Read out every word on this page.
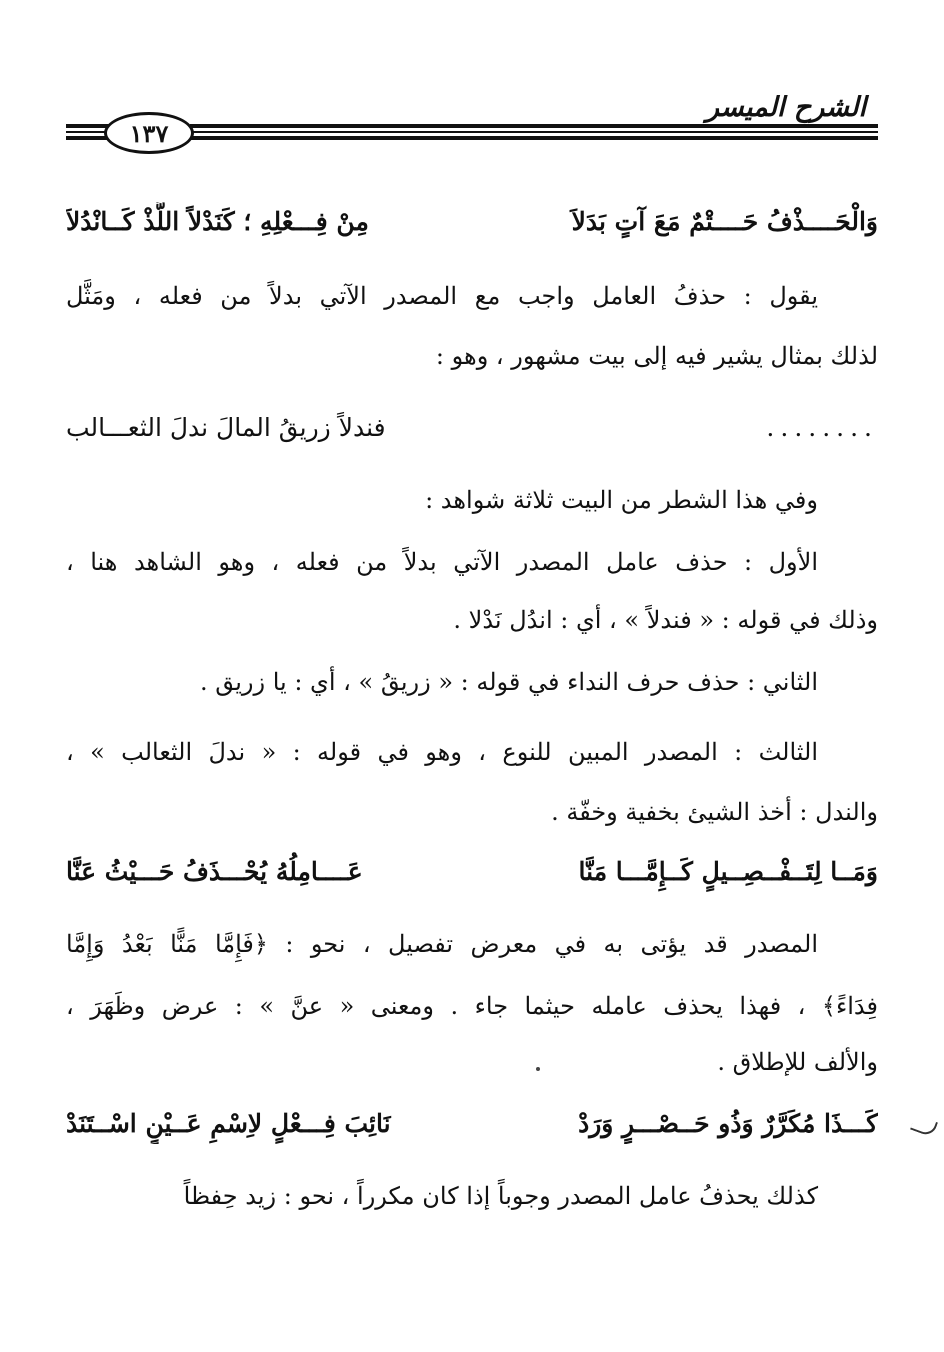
الشرح الميسر
١٣٧
وَالْحَــــذْفُ حَــــتْمٌ مَعَ آتٍ بَدَلاَ
مِنْ فِـــعْلِهِ ؛ كَنَدْلاً اللَّذْ كَــانْدُلاَ
يقول : حذفُ العامل واجب مع المصدر الآتي بدلاً من فعله ، ومَثَّل
لذلك بمثال يشير فيه إلى بيت مشهور ، وهو :
........
فندلاً زريقُ المالَ ندلَ الثعـــالب
وفي هذا الشطر من البيت ثلاثة شواهد :
الأول : حذف عامل المصدر الآتي بدلاً من فعله ، وهو الشاهد هنا ،
وذلك في قوله : « فندلاً » ، أي : اندُل نَدْلا .
الثاني : حذف حرف النداء في قوله : « زريقُ » ، أي : يا زريق .
الثالث : المصدر المبين للنوع ، وهو في قوله : « ندلَ الثعالب » ،
والندل : أخذ الشيئ بخفية وخفّة .
وَمَــا لِتَــفْــصِــيلٍ كَــإِمَّـــا مَنَّا
عَــــامِلُهُ يُحْـــذَفُ حَـــيْثُ عَنَّا
المصدر قد يؤتى به في معرض تفصيل ، نحو : ﴿فَإِمَّا مَنًّا بَعْدُ وَإِمَّا
فِدَاءً﴾ ، فهذا يحذف عامله حيثما جاء . ومعنى « عنَّ » : عرض وظَهَرَ ،
والألف للإطلاق .
كَـــذَا مُكَرَّرٌ وَذُو حَــصْـــرٍ وَرَدْ
نَائِبَ فِـــعْلٍ لاِسْمِ عَــيْنٍ اسْــتَنَدْ
كذلك يحذفُ عامل المصدر وجوباً إذا كان مكرراً ، نحو : زيد حِفظاً
